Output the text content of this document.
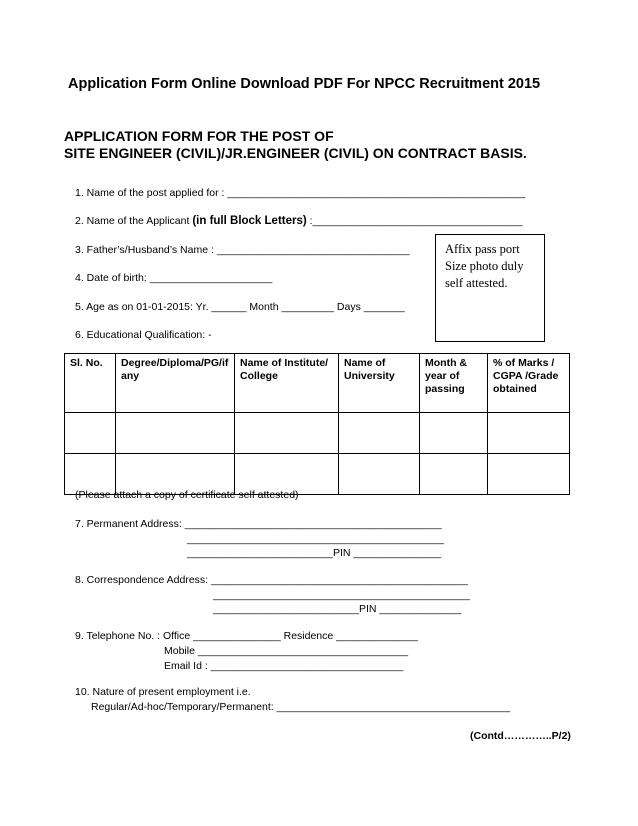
Application Form Online Download PDF For NPCC Recruitment 2015
APPLICATION FORM FOR THE POST OF
SITE ENGINEER (CIVIL)/JR.ENGINEER (CIVIL) ON CONTRACT BASIS.
1. Name of the post applied for : ___________________________________________________
2. Name of the Applicant (in full Block Letters) :____________________________________
3. Father’s/Husband’s Name : _________________________________
4. Date of birth: _____________________
5. Age as on 01-01-2015: Yr. ______ Month _________ Days _______
6. Educational Qualification: -
Affix pass port
Size photo duly
self attested.
Sl. No.	Degree/Diploma/PG/if any	Name of Institute/ College	Name of University	Month & year of passing	% of Marks / CGPA /Grade obtained

(Please attach a copy of certificate self attested)
7. Permanent Address: ____________________________________________
____________________________________________
_________________________PIN _______________
8. Correspondence Address: ____________________________________________
____________________________________________
_________________________PIN ______________
9. Telephone No. : Office _______________ Residence ______________
Mobile ____________________________________
Email Id : _________________________________
10. Nature of present employment i.e.
Regular/Ad-hoc/Temporary/Permanent: ________________________________________
(Contd…………..P/2)
